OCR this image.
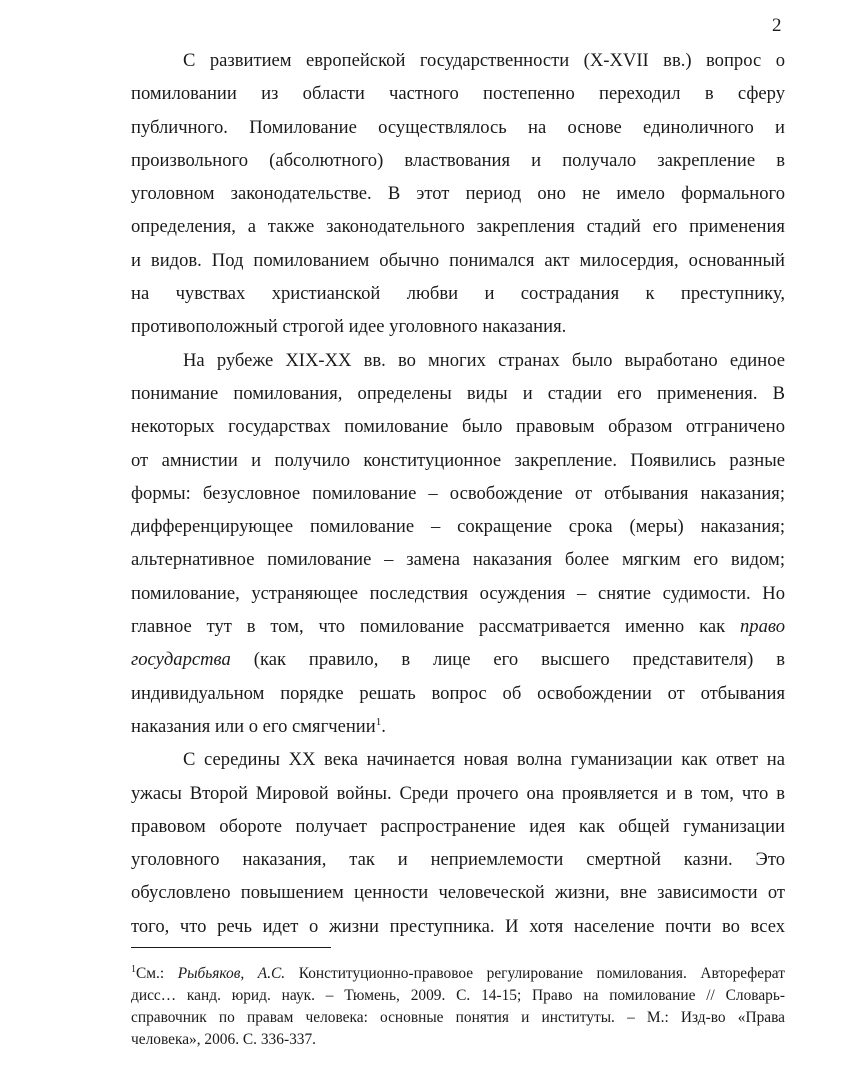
2
С развитием европейской государственности (X-XVII вв.) вопрос о
помиловании из области частного постепенно переходил в сферу
публичного. Помилование осуществлялось на основе единоличного и
произвольного (абсолютного) властвования и получало закрепление в
уголовном законодательстве. В этот период оно не имело формального
определения, а также законодательного закрепления стадий его применения
и видов. Под помилованием обычно понимался акт милосердия, основанный
на чувствах христианской любви и сострадания к преступнику,
противоположный строгой идее уголовного наказания.
На рубеже XIX-XX вв. во многих странах было выработано единое
понимание помилования, определены виды и стадии его применения. В
некоторых государствах помилование было правовым образом отграничено
от амнистии и получило конституционное закрепление. Появились разные
формы: безусловное помилование – освобождение от отбывания наказания;
дифференцирующее помилование – сокращение срока (меры) наказания;
альтернативное помилование – замена наказания более мягким его видом;
помилование, устраняющее последствия осуждения – снятие судимости. Но
главное тут в том, что помилование рассматривается именно как право
государства (как правило, в лице его высшего представителя) в
индивидуальном порядке решать вопрос об освобождении от отбывания
наказания или о его смягчении$^1$.
С середины XX века начинается новая волна гуманизации как ответ на
ужасы Второй Мировой войны. Среди прочего она проявляется и в том, что в
правовом обороте получает распространение идея как общей гуманизации
уголовного наказания, так и неприемлемости смертной казни. Это
обусловлено повышением ценности человеческой жизни, вне зависимости от
того, что речь идет о жизни преступника. И хотя население почти во всех
$^1$См.: Рыбьяков, А.С. Конституционно-правовое регулирование помилования. Автореферат
дисс… канд. юрид. наук. – Тюмень, 2009. С. 14-15; Право на помилование // Словарь-
справочник по правам человека: основные понятия и институты. – М.: Изд-во «Права
человека», 2006. С. 336-337.
